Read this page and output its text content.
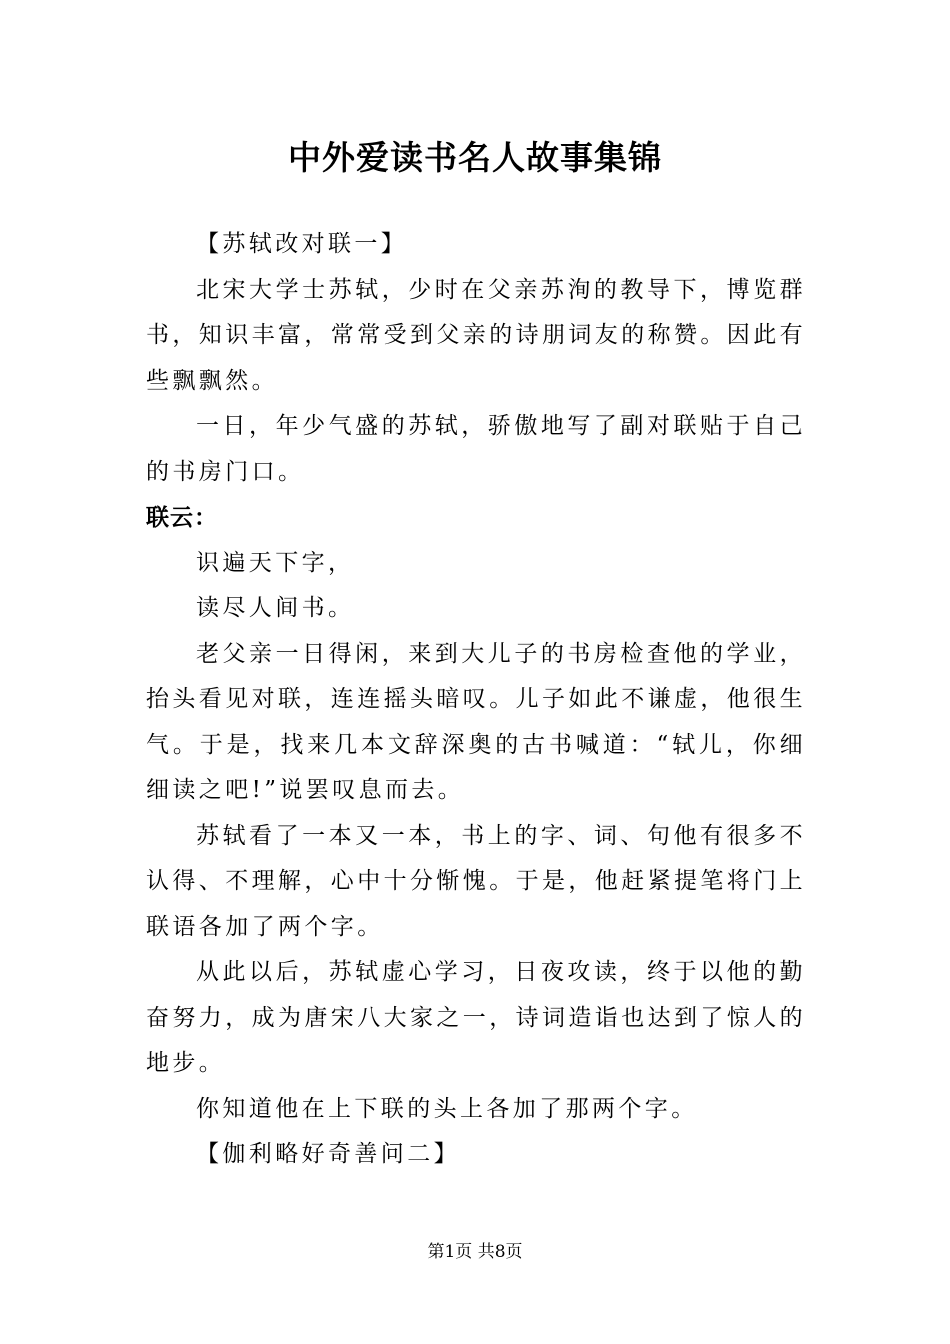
中外爱读书名人故事集锦

【苏轼改对联一】

北宋大学士苏轼，少时在父亲苏洵的教导下，博览群书，知识丰富，常常受到父亲的诗朋词友的称赞。因此有些飘飘然。

一日，年少气盛的苏轼，骄傲地写了副对联贴于自己的书房门口。

联云：

识遍天下字，

读尽人间书。

老父亲一日得闲，来到大儿子的书房检查他的学业，抬头看见对联，连连摇头暗叹。儿子如此不谦虚，他很生气。于是，找来几本文辞深奥的古书喊道：“轼儿，你细细读之吧!”说罢叹息而去。

苏轼看了一本又一本，书上的字、词、句他有很多不认得、不理解，心中十分惭愧。于是，他赶紧提笔将门上联语各加了两个字。

从此以后，苏轼虚心学习，日夜攻读，终于以他的勤奋努力，成为唐宋八大家之一，诗词造诣也达到了惊人的地步。

你知道他在上下联的头上各加了那两个字。

【伽利略好奇善问二】

第1页 共8页
